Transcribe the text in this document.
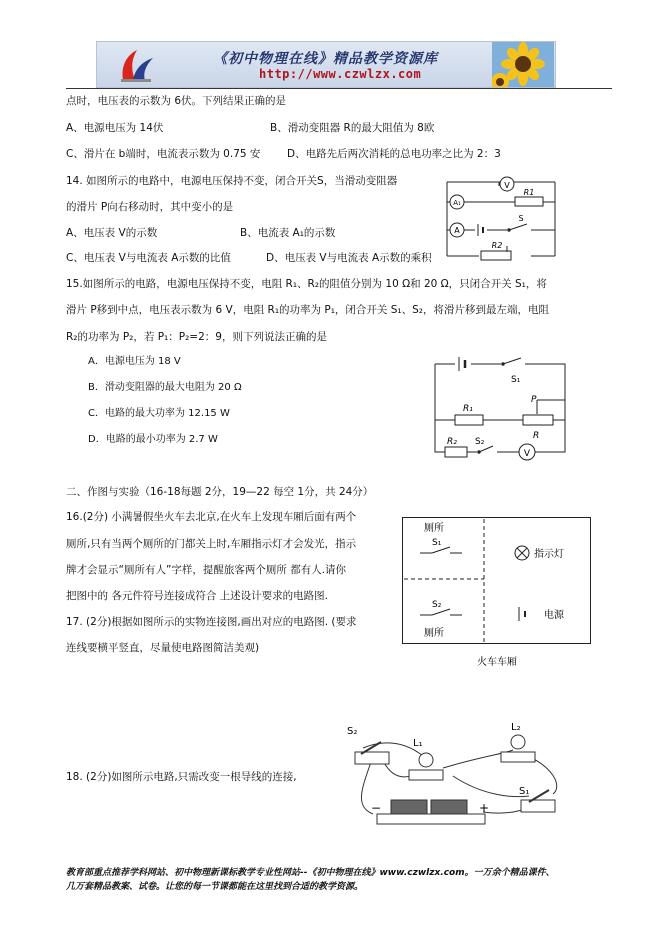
《初中物理在线》精品教学资源库
http://www.czwlzx.com
点时，电压表的示数为 6伏。下列结果正确的是
A、电源电压为 14伏	B、滑动变阻器 R的最大阻值为 8欧
C、滑片在 b端时，电流表示数为 0.75 安	D、电路先后两次消耗的总电功率之比为 2：3
14. 如图所示的电路中，电源电压保持不变，闭合开关S，当滑动变阻器
的滑片 P向右移动时，其中变小的是
A、电压表 V的示数	B、电流表 A₁的示数
C、电压表 V与电流表 A示数的比值	D、电压表 V与电流表 A示数的乘积
V
A₁
R1
A
S
R2
15.如图所示的电路，电源电压保持不变，电阻 R₁、R₂的阻值分别为 10 Ω和 20 Ω，只闭合开关 S₁，将
滑片 P移到中点，电压表示数为 6 V，电阻 R₁的功率为 P₁，闭合开关 S₁、S₂，将滑片移到最左端，电阻
R₂的功率为 P₂，若 P₁：P₂=2：9，则下列说法正确的是
A．电源电压为 18 V
B．滑动变阻器的最大电阻为 20 Ω
C．电路的最大功率为 12.15 W
D．电路的最小功率为 2.7 W
S₁
R₁
P
R
R₂ S₂
V
二、作图与实验（16-18每题 2分，19—22 每空 1分，共 24分）
16.(2分) 小满暑假坐火车去北京,在火车上发现车厢后面有两个
厕所,只有当两个厕所的门都关上时,车厢指示灯才会发光，指示
牌才会显示“厕所有人”字样，提醒旅客两个厕所 都有人.请你
把图中的 各元件符号连接成符合 上述设计要求的电路图.
厕所
S₁
S₂
厕所
指示灯
电源
火车车厢
17. (2分)根据如图所示的实物连接图,画出对应的电路图. (要求
连线要横平竖直，尽量使电路图简洁美观)
18. (2分)如图所示电路,只需改变一根导线的连接,
S₂
L₁
L₂
S₁
−	+
教育部重点推荐学科网站、初中物理新课标教学专业性网站--《初中物理在线》www.czwlzx.com。一万余个精品课件、
几万套精品教案、试卷。让您的每一节课都能在这里找到合适的教学资源。
